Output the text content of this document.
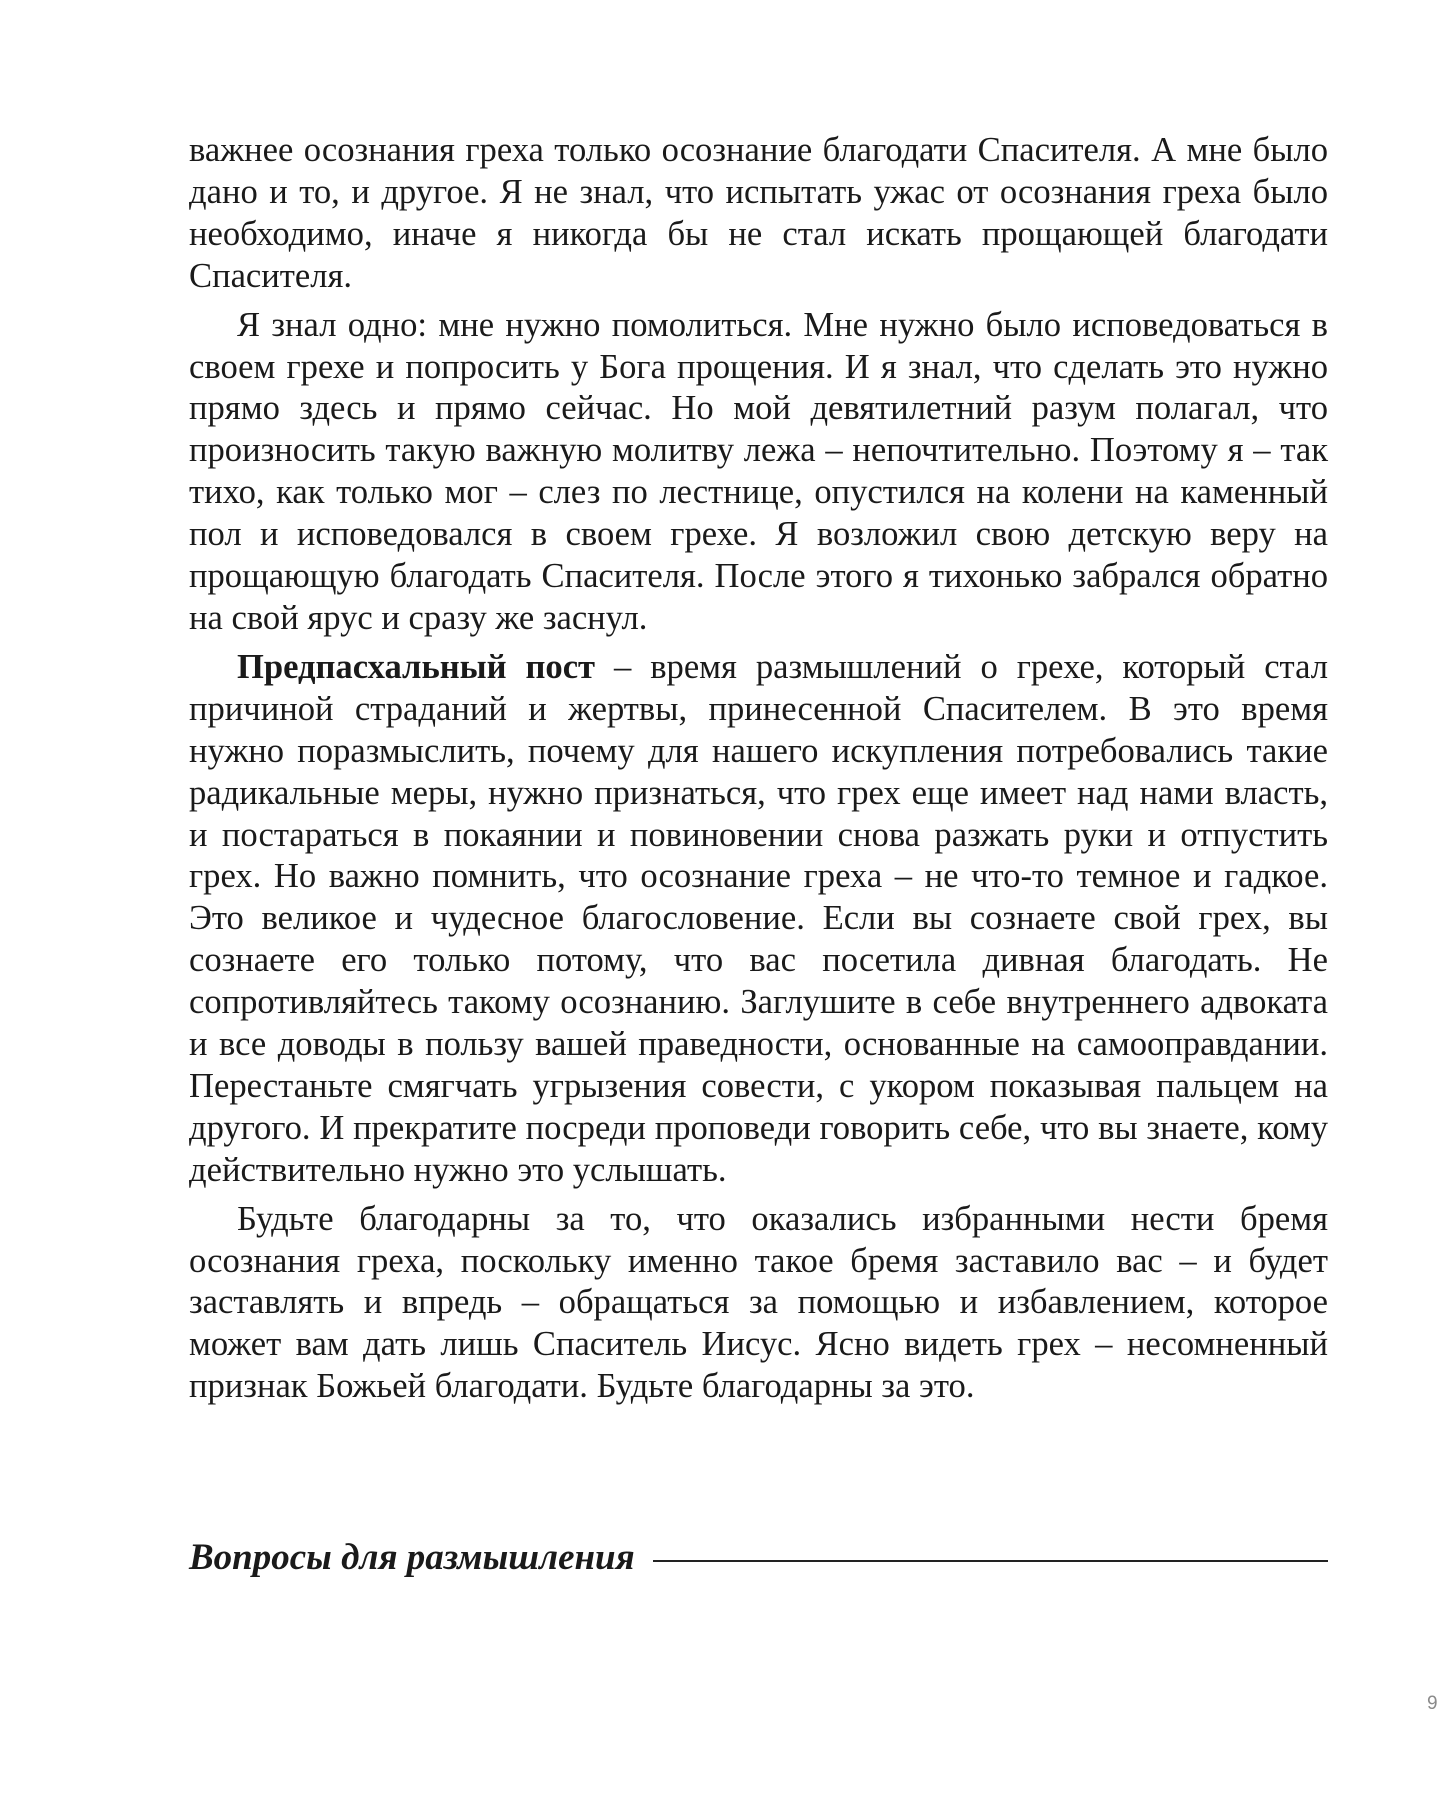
важнее осознания греха только осознание благодати Спасителя. А мне было дано и то, и другое. Я не знал, что испытать ужас от осознания греха было необходимо, иначе я никогда бы не стал искать прощающей благодати Спасителя.

Я знал одно: мне нужно помолиться. Мне нужно было исповедоваться в своем грехе и попросить у Бога прощения. И я знал, что сделать это нужно прямо здесь и прямо сейчас. Но мой девятилетний разум полагал, что произносить такую важную молитву лежа – непочтительно. Поэтому я – так тихо, как только мог – слез по лестнице, опустился на колени на каменный пол и исповедовался в своем грехе. Я возложил свою детскую веру на прощающую благодать Спасителя. После этого я тихонько забрался обратно на свой ярус и сразу же заснул.

Предпасхальный пост – время размышлений о грехе, который стал причиной страданий и жертвы, принесенной Спасителем. В это время нужно поразмыслить, почему для нашего искупления потребовались такие радикальные меры, нужно признаться, что грех еще имеет над нами власть, и постараться в покаянии и повиновении снова разжать руки и отпустить грех. Но важно помнить, что осознание греха – не что-то темное и гадкое. Это великое и чудесное благословение. Если вы сознаете свой грех, вы сознаете его только потому, что вас посетила дивная благодать. Не сопротивляйтесь такому осознанию. Заглушите в себе внутреннего адвоката и все доводы в пользу вашей праведности, основанные на самооправдании. Перестаньте смягчать угрызения совести, с укором показывая пальцем на другого. И прекратите посреди проповеди говорить себе, что вы знаете, кому действительно нужно это услышать.

Будьте благодарны за то, что оказались избранными нести бремя осознания греха, поскольку именно такое бремя заставило вас – и будет заставлять и впредь – обращаться за помощью и избавлением, которое может вам дать лишь Спаситель Иисус. Ясно видеть грех – несомненный признак Божьей благодати. Будьте благодарны за это.

Вопросы для размышления
9
